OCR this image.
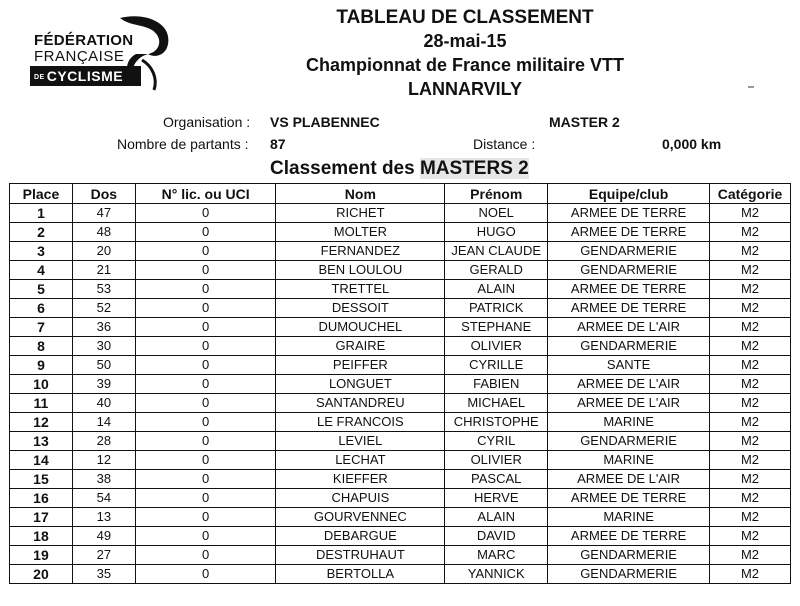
FÉDÉRATION
FRANÇAISE
DE CYCLISME
TABLEAU DE CLASSEMENT
28-mai-15
Championnat de France militaire VTT
LANNARVILY
Organisation : VS PLABENNEC	MASTER 2
Nombre de partants : 87	Distance :	0,000 km
Classement des MASTERS 2
Place	Dos	N° lic. ou UCI	Nom	Prénom	Equipe/club	Catégorie
1	47	0	RICHET	NOEL	ARMEE DE TERRE	M2
2	48	0	MOLTER	HUGO	ARMEE DE TERRE	M2
3	20	0	FERNANDEZ	JEAN CLAUDE	GENDARMERIE	M2
4	21	0	BEN LOULOU	GERALD	GENDARMERIE	M2
5	53	0	TRETTEL	ALAIN	ARMEE DE TERRE	M2
6	52	0	DESSOIT	PATRICK	ARMEE DE TERRE	M2
7	36	0	DUMOUCHEL	STEPHANE	ARMEE DE L'AIR	M2
8	30	0	GRAIRE	OLIVIER	GENDARMERIE	M2
9	50	0	PEIFFER	CYRILLE	SANTE	M2
10	39	0	LONGUET	FABIEN	ARMEE DE L'AIR	M2
11	40	0	SANTANDREU	MICHAEL	ARMEE DE L'AIR	M2
12	14	0	LE FRANCOIS	CHRISTOPHE	MARINE	M2
13	28	0	LEVIEL	CYRIL	GENDARMERIE	M2
14	12	0	LECHAT	OLIVIER	MARINE	M2
15	38	0	KIEFFER	PASCAL	ARMEE DE L'AIR	M2
16	54	0	CHAPUIS	HERVE	ARMEE DE TERRE	M2
17	13	0	GOURVENNEC	ALAIN	MARINE	M2
18	49	0	DEBARGUE	DAVID	ARMEE DE TERRE	M2
19	27	0	DESTRUHAUT	MARC	GENDARMERIE	M2
20	35	0	BERTOLLA	YANNICK	GENDARMERIE	M2
